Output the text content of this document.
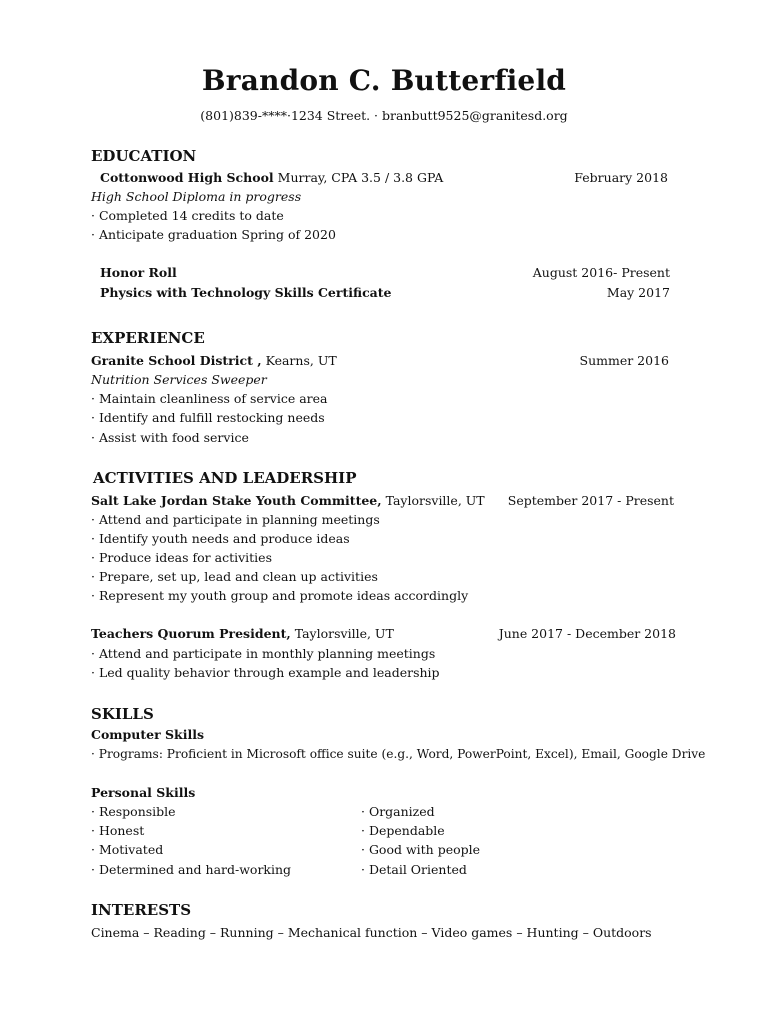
Brandon C. Butterfield
(801)839-****·1234 Street. · branbutt9525@granitesd.org
EDUCATION
Cottonwood High School Murray, CPA 3.5 / 3.8 GPA	February 2018
High School Diploma in progress
· Completed 14 credits to date
· Anticipate graduation Spring of 2020
Honor Roll	August 2016- Present
Physics with Technology Skills Certificate	May 2017
EXPERIENCE
Granite School District , Kearns, UT	Summer 2016
Nutrition Services Sweeper
· Maintain cleanliness of service area
· Identify and fulfill restocking needs
· Assist with food service
ACTIVITIES AND LEADERSHIP
Salt Lake Jordan Stake Youth Committee, Taylorsville, UT September 2017 - Present
· Attend and participate in planning meetings
· Identify youth needs and produce ideas
· Produce ideas for activities
· Prepare, set up, lead and clean up activities
· Represent my youth group and promote ideas accordingly
Teachers Quorum President, Taylorsville, UT	June 2017 - December 2018
· Attend and participate in monthly planning meetings
· Led quality behavior through example and leadership
SKILLS
Computer Skills
· Programs: Proficient in Microsoft office suite (e.g., Word, PowerPoint, Excel), Email, Google Drive
Personal Skills
· Responsible
· Honest
· Motivated
· Determined and hard-working
· Organized
· Dependable
· Good with people
· Detail Oriented
INTERESTS
Cinema – Reading – Running – Mechanical function – Video games – Hunting – Outdoors
